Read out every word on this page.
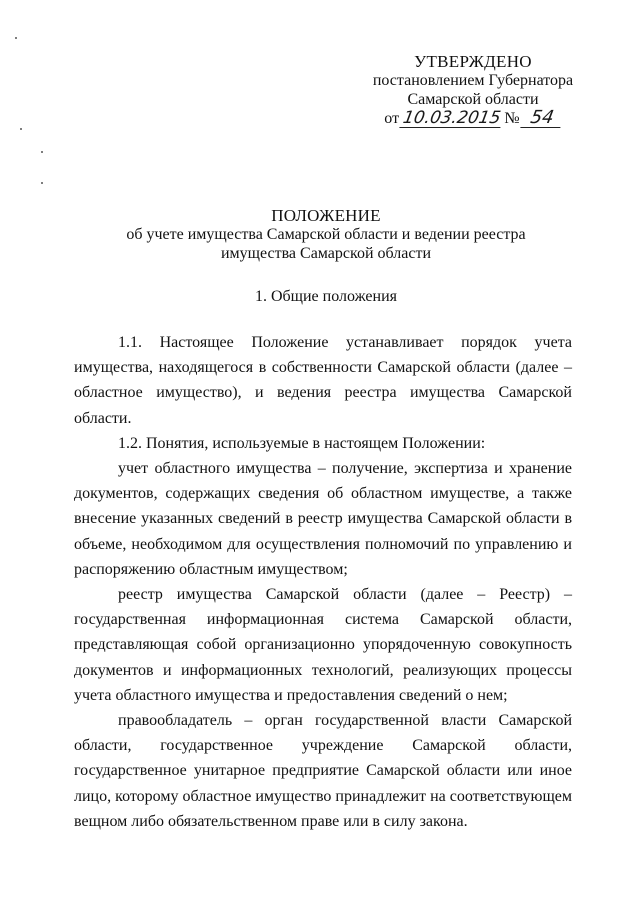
УТВЕРЖДЕНО
постановлением Губернатора
Самарской области
от 10.03.2015 № 54
ПОЛОЖЕНИЕ
об учете имущества Самарской области и ведении реестра
имущества Самарской области
1. Общие положения

1.1. Настоящее Положение устанавливает порядок учета имущества, находящегося в собственности Самарской области (далее – областное имущество), и ведения реестра имущества Самарской области.

1.2. Понятия, используемые в настоящем Положении:

учет областного имущества – получение, экспертиза и хранение документов, содержащих сведения об областном имуществе, а также внесение указанных сведений в реестр имущества Самарской области в объеме, необходимом для осуществления полномочий по управлению и распоряжению областным имуществом;

реестр имущества Самарской области (далее – Реестр) – государственная информационная система Самарской области, представляющая собой организационно упорядоченную совокупность документов и информационных технологий, реализующих процессы учета областного имущества и предоставления сведений о нем;

правообладатель – орган государственной власти Самарской области, государственное учреждение Самарской области, государственное унитарное предприятие Самарской области или иное лицо, которому областное имущество принадлежит на соответствующем вещном либо обязательственном праве или в силу закона.
